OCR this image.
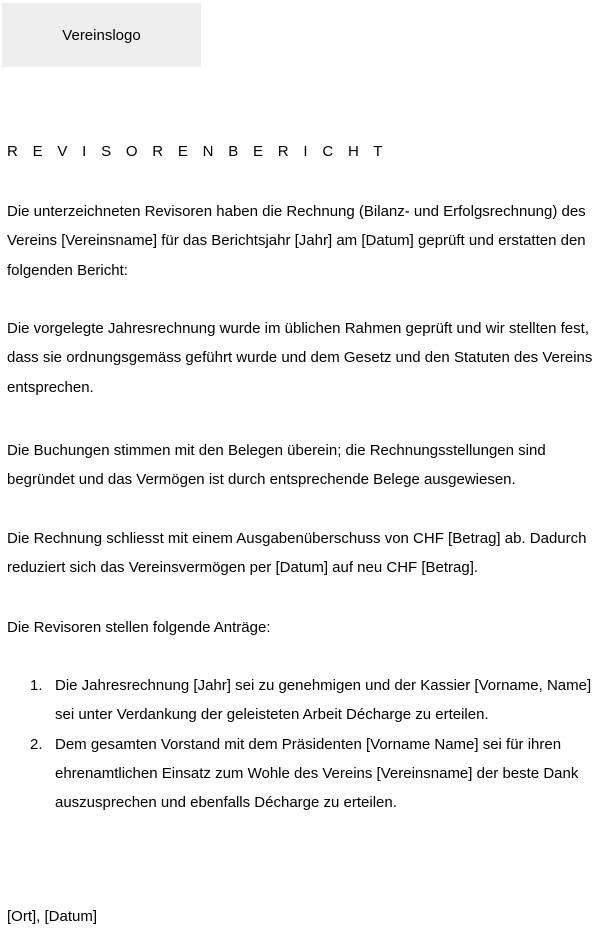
Vereinslogo
R E V I S O R E N B E R I C H T

Die unterzeichneten Revisoren haben die Rechnung (Bilanz- und Erfolgsrechnung) des Vereins [Vereinsname] für das Berichtsjahr [Jahr] am [Datum] geprüft und erstatten den folgenden Bericht:

Die vorgelegte Jahresrechnung wurde im üblichen Rahmen geprüft und wir stellten fest, dass sie ordnungsgemäss geführt wurde und dem Gesetz und den Statuten des Vereins entsprechen.

Die Buchungen stimmen mit den Belegen überein; die Rechnungsstellungen sind begründet und das Vermögen ist durch entsprechende Belege ausgewiesen.

Die Rechnung schliesst mit einem Ausgabenüberschuss von CHF [Betrag] ab. Dadurch reduziert sich das Vereinsvermögen per [Datum] auf neu CHF [Betrag].

Die Revisoren stellen folgende Anträge:

1. Die Jahresrechnung [Jahr] sei zu genehmigen und der Kassier [Vorname, Name] sei unter Verdankung der geleisteten Arbeit Décharge zu erteilen.
2. Dem gesamten Vorstand mit dem Präsidenten [Vorname Name] sei für ihren ehrenamtlichen Einsatz zum Wohle des Vereins [Vereinsname] der beste Dank auszusprechen und ebenfalls Décharge zu erteilen.
[Ort], [Datum]
